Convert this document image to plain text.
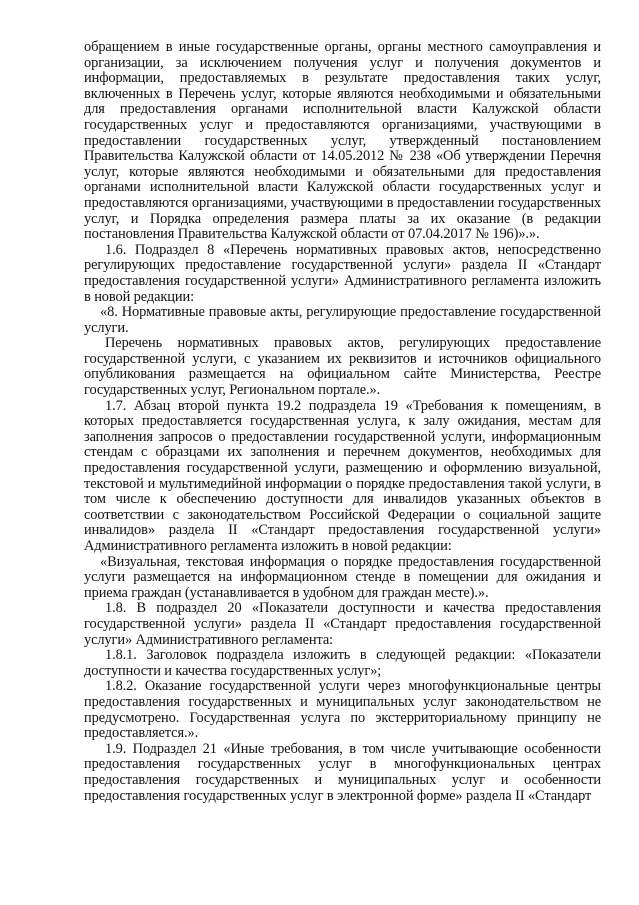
обращением в иные государственные органы, органы местного самоуправления и организации, за исключением получения услуг и получения документов и информации, предоставляемых в результате предоставления таких услуг, включенных в Перечень услуг, которые являются необходимыми и обязательными для предоставления органами исполнительной власти Калужской области государственных услуг и предоставляются организациями, участвующими в предоставлении государственных услуг, утвержденный постановлением Правительства Калужской области от 14.05.2012 № 238 «Об утверждении Перечня услуг, которые являются необходимыми и обязательными для предоставления органами исполнительной власти Калужской области государственных услуг и предоставляются организациями, участвующими в предоставлении государственных услуг, и Порядка определения размера платы за их оказание (в редакции постановления Правительства Калужской области от 07.04.2017 № 196)».».

1.6. Подраздел 8 «Перечень нормативных правовых актов, непосредственно регулирующих предоставление государственной услуги» раздела II «Стандарт предоставления государственной услуги» Административного регламента изложить в новой редакции:

«8. Нормативные правовые акты, регулирующие предоставление государственной услуги.

Перечень нормативных правовых актов, регулирующих предоставление государственной услуги, с указанием их реквизитов и источников официального опубликования размещается на официальном сайте Министерства, Реестре государственных услуг, Региональном портале.».

1.7. Абзац второй пункта 19.2 подраздела 19 «Требования к помещениям, в которых предоставляется государственная услуга, к залу ожидания, местам для заполнения запросов о предоставлении государственной услуги, информационным стендам с образцами их заполнения и перечнем документов, необходимых для предоставления государственной услуги, размещению и оформлению визуальной, текстовой и мультимедийной информации о порядке предоставления такой услуги, в том числе к обеспечению доступности для инвалидов указанных объектов в соответствии с законодательством Российской Федерации о социальной защите инвалидов» раздела II «Стандарт предоставления государственной услуги» Административного регламента изложить в новой редакции:

«Визуальная, текстовая информация о порядке предоставления государственной услуги размещается на информационном стенде в помещении для ожидания и приема граждан (устанавливается в удобном для граждан месте).».

1.8. В подраздел 20 «Показатели доступности и качества предоставления государственной услуги» раздела II «Стандарт предоставления государственной услуги» Административного регламента:

1.8.1. Заголовок подраздела изложить в следующей редакции: «Показатели доступности и качества государственных услуг»;

1.8.2. Оказание государственной услуги через многофункциональные центры предоставления государственных и муниципальных услуг законодательством не предусмотрено. Государственная услуга по экстерриториальному принципу не предоставляется.».

1.9. Подраздел 21 «Иные требования, в том числе учитывающие особенности предоставления государственных услуг в многофункциональных центрах предоставления государственных и муниципальных услуг и особенности предоставления государственных услуг в электронной форме» раздела II «Стандарт
